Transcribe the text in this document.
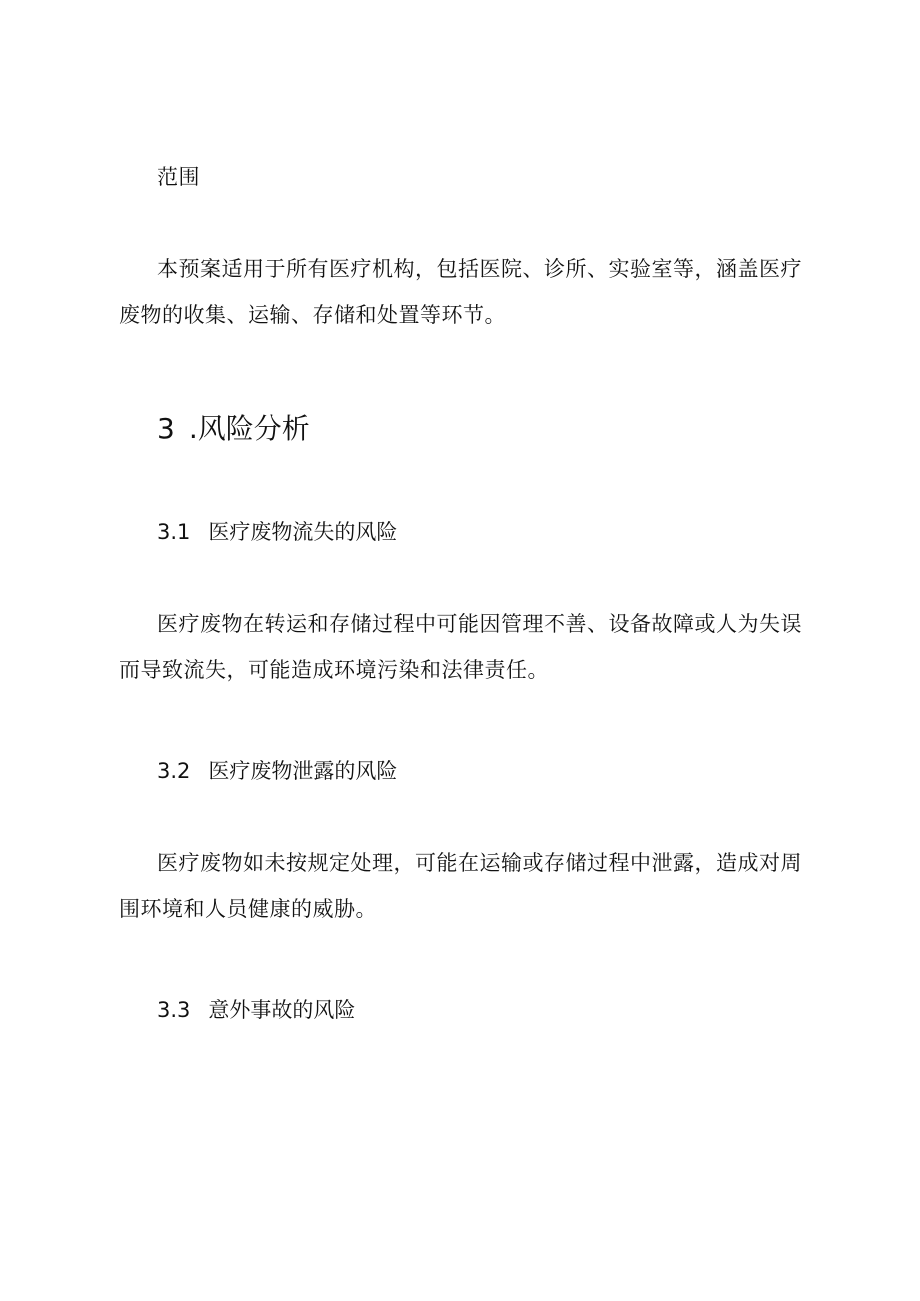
范围
本预案适用于所有医疗机构，包括医院、诊所、实验室等，涵盖医疗
废物的收集、运输、存储和处置等环节。
3 .风险分析
3.1 医疗废物流失的风险
医疗废物在转运和存储过程中可能因管理不善、设备故障或人为失误
而导致流失，可能造成环境污染和法律责任。
3.2 医疗废物泄露的风险
医疗废物如未按规定处理，可能在运输或存储过程中泄露，造成对周
围环境和人员健康的威胁。
3.3 意外事故的风险
